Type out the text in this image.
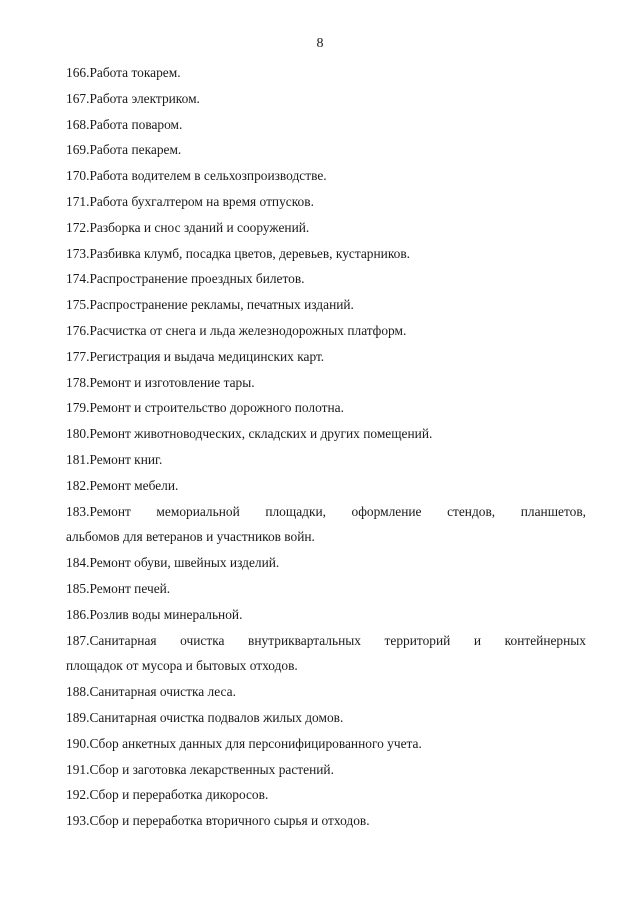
8
166.Работа токарем.
167.Работа электриком.
168.Работа поваром.
169.Работа пекарем.
170.Работа водителем в сельхозпроизводстве.
171.Работа бухгалтером на время отпусков.
172.Разборка и снос зданий и сооружений.
173.Разбивка клумб, посадка цветов, деревьев, кустарников.
174.Распространение проездных билетов.
175.Распространение рекламы, печатных изданий.
176.Расчистка от снега и льда железнодорожных платформ.
177.Регистрация и выдача медицинских карт.
178.Ремонт и изготовление тары.
179.Ремонт и строительство дорожного полотна.
180.Ремонт животноводческих, складских и других помещений.
181.Ремонт книг.
182.Ремонт мебели.
183.Ремонт мемориальной площадки, оформление стендов, планшетов,
альбомов для ветеранов и участников войн.
184.Ремонт обуви, швейных изделий.
185.Ремонт печей.
186.Розлив воды минеральной.
187.Санитарная очистка внутриквартальных территорий и контейнерных
площадок от мусора и бытовых отходов.
188.Санитарная очистка леса.
189.Санитарная очистка подвалов жилых домов.
190.Сбор анкетных данных для персонифицированного учета.
191.Сбор и заготовка лекарственных растений.
192.Сбор и переработка дикоросов.
193.Сбор и переработка вторичного сырья и отходов.
